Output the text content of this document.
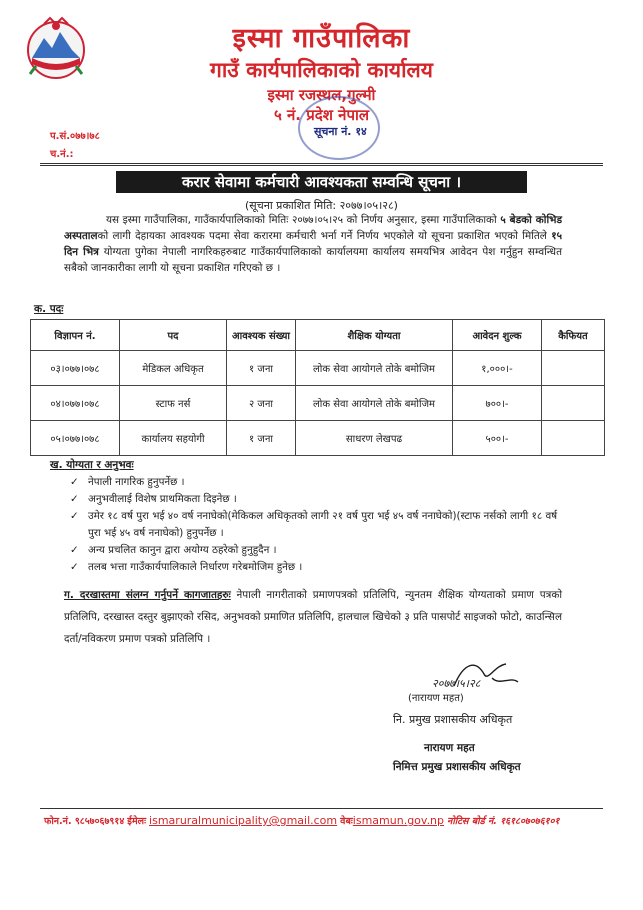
इस्मा गाउँपालिका
गाउँ कार्यपालिकाको कार्यालय
इस्मा रजस्थल,गुल्मी
५ नं. प्रदेश नेपाल
सूचना नं. १४
प.सं.०७७।७८
च.नं.:
करार सेवामा कर्मचारी आवश्यकता सम्वन्धि सूचना ।
(सूचना प्रकाशित मिति: २०७७।०५।२८)
यस इस्मा गाउँपालिका, गाउँकार्यपालिकाको मितिः २०७७।०५।२५ को निर्णय अनुसार, इस्मा गाउँपालिकाको ५ बेडको कोभिड अस्पतालको लागी देहायका आवश्यक पदमा सेवा करारमा कर्मचारी भर्ना गर्ने निर्णय भएकोले यो सूचना प्रकाशित भएको मितिले १५ दिन भित्र योग्यता पुगेका नेपाली नागरिकहरुबाट गाउँकार्यपालिकाको कार्यालयमा कार्यालय समयभित्र आवेदन पेश गर्नुहुन सम्वन्धित सबैको जानकारीका लागी यो सूचना प्रकाशित गरिएको छ ।
क. पदः
विज्ञापन नं.	पद	आवश्यक संख्या	शैक्षिक योग्यता	आवेदन शुल्क	कैफियत
०३।०७७।०७८	मेडिकल अधिकृत	१ जना	लोक सेवा आयोगले तोके बमोजिम	१,०००।-	
०४।०७७।०७८	स्टाफ नर्स	२ जना	लोक सेवा आयोगले तोके बमोजिम	७००।-	
०५।०७७।०७८	कार्यालय सहयोगी	१ जना	साधरण लेखपढ	५००।-	
ख. योग्यता र अनुभवः
✓ नेपाली नागरिक हुनुपर्नेछ ।
✓ अनुभवीलाई विशेष प्राथमिकता दिइनेछ ।
✓ उमेर १८ वर्ष पुरा भई ४० वर्ष ननाघेको(मेकिकल अधिकृतको लागी २१ वर्ष पुरा भई ४५ वर्ष ननाघेको)(स्टाफ नर्सको लागी १८ वर्ष पुरा भई ४५ वर्ष ननाघेको) हुनुपर्नेछ ।
✓ अन्य प्रचलित कानुन द्वारा अयोग्य ठहरेको हुनुहुदैन ।
✓ तलब भत्ता गाउँकार्यपालिकाले निर्धारण गरेबमोजिम हुनेछ ।
ग. दरखास्तमा संलग्न गर्नुपर्ने कागजातहरुः नेपाली नागरीताको प्रमाणपत्रको प्रतिलिपि, न्युनतम शैक्षिक योग्यताको प्रमाण पत्रको प्रतिलिपि, दरखास्त दस्तुर बुझाएको रसिद, अनुभवको प्रमाणित प्रतिलिपि, हालचाल खिचेको ३ प्रति पासपोर्ट साइजको फोटो, काउन्सिल दर्ता/नविकरण प्रमाण पत्रको प्रतिलिपि ।
२०७७।५।२८
(नारायण महत)
नि. प्रमुख प्रशासकीय अधिकृत
नारायण महत
निमित्त प्रमुख प्रशासकीय अधिकृत
फोन.नं. ९८५७०६७९१४ ईमेलः ismaruralmunicipality@gmail.com वेबःismamun.gov.np नोटिस बोर्ड नं. १६१८०७०७६१०१
